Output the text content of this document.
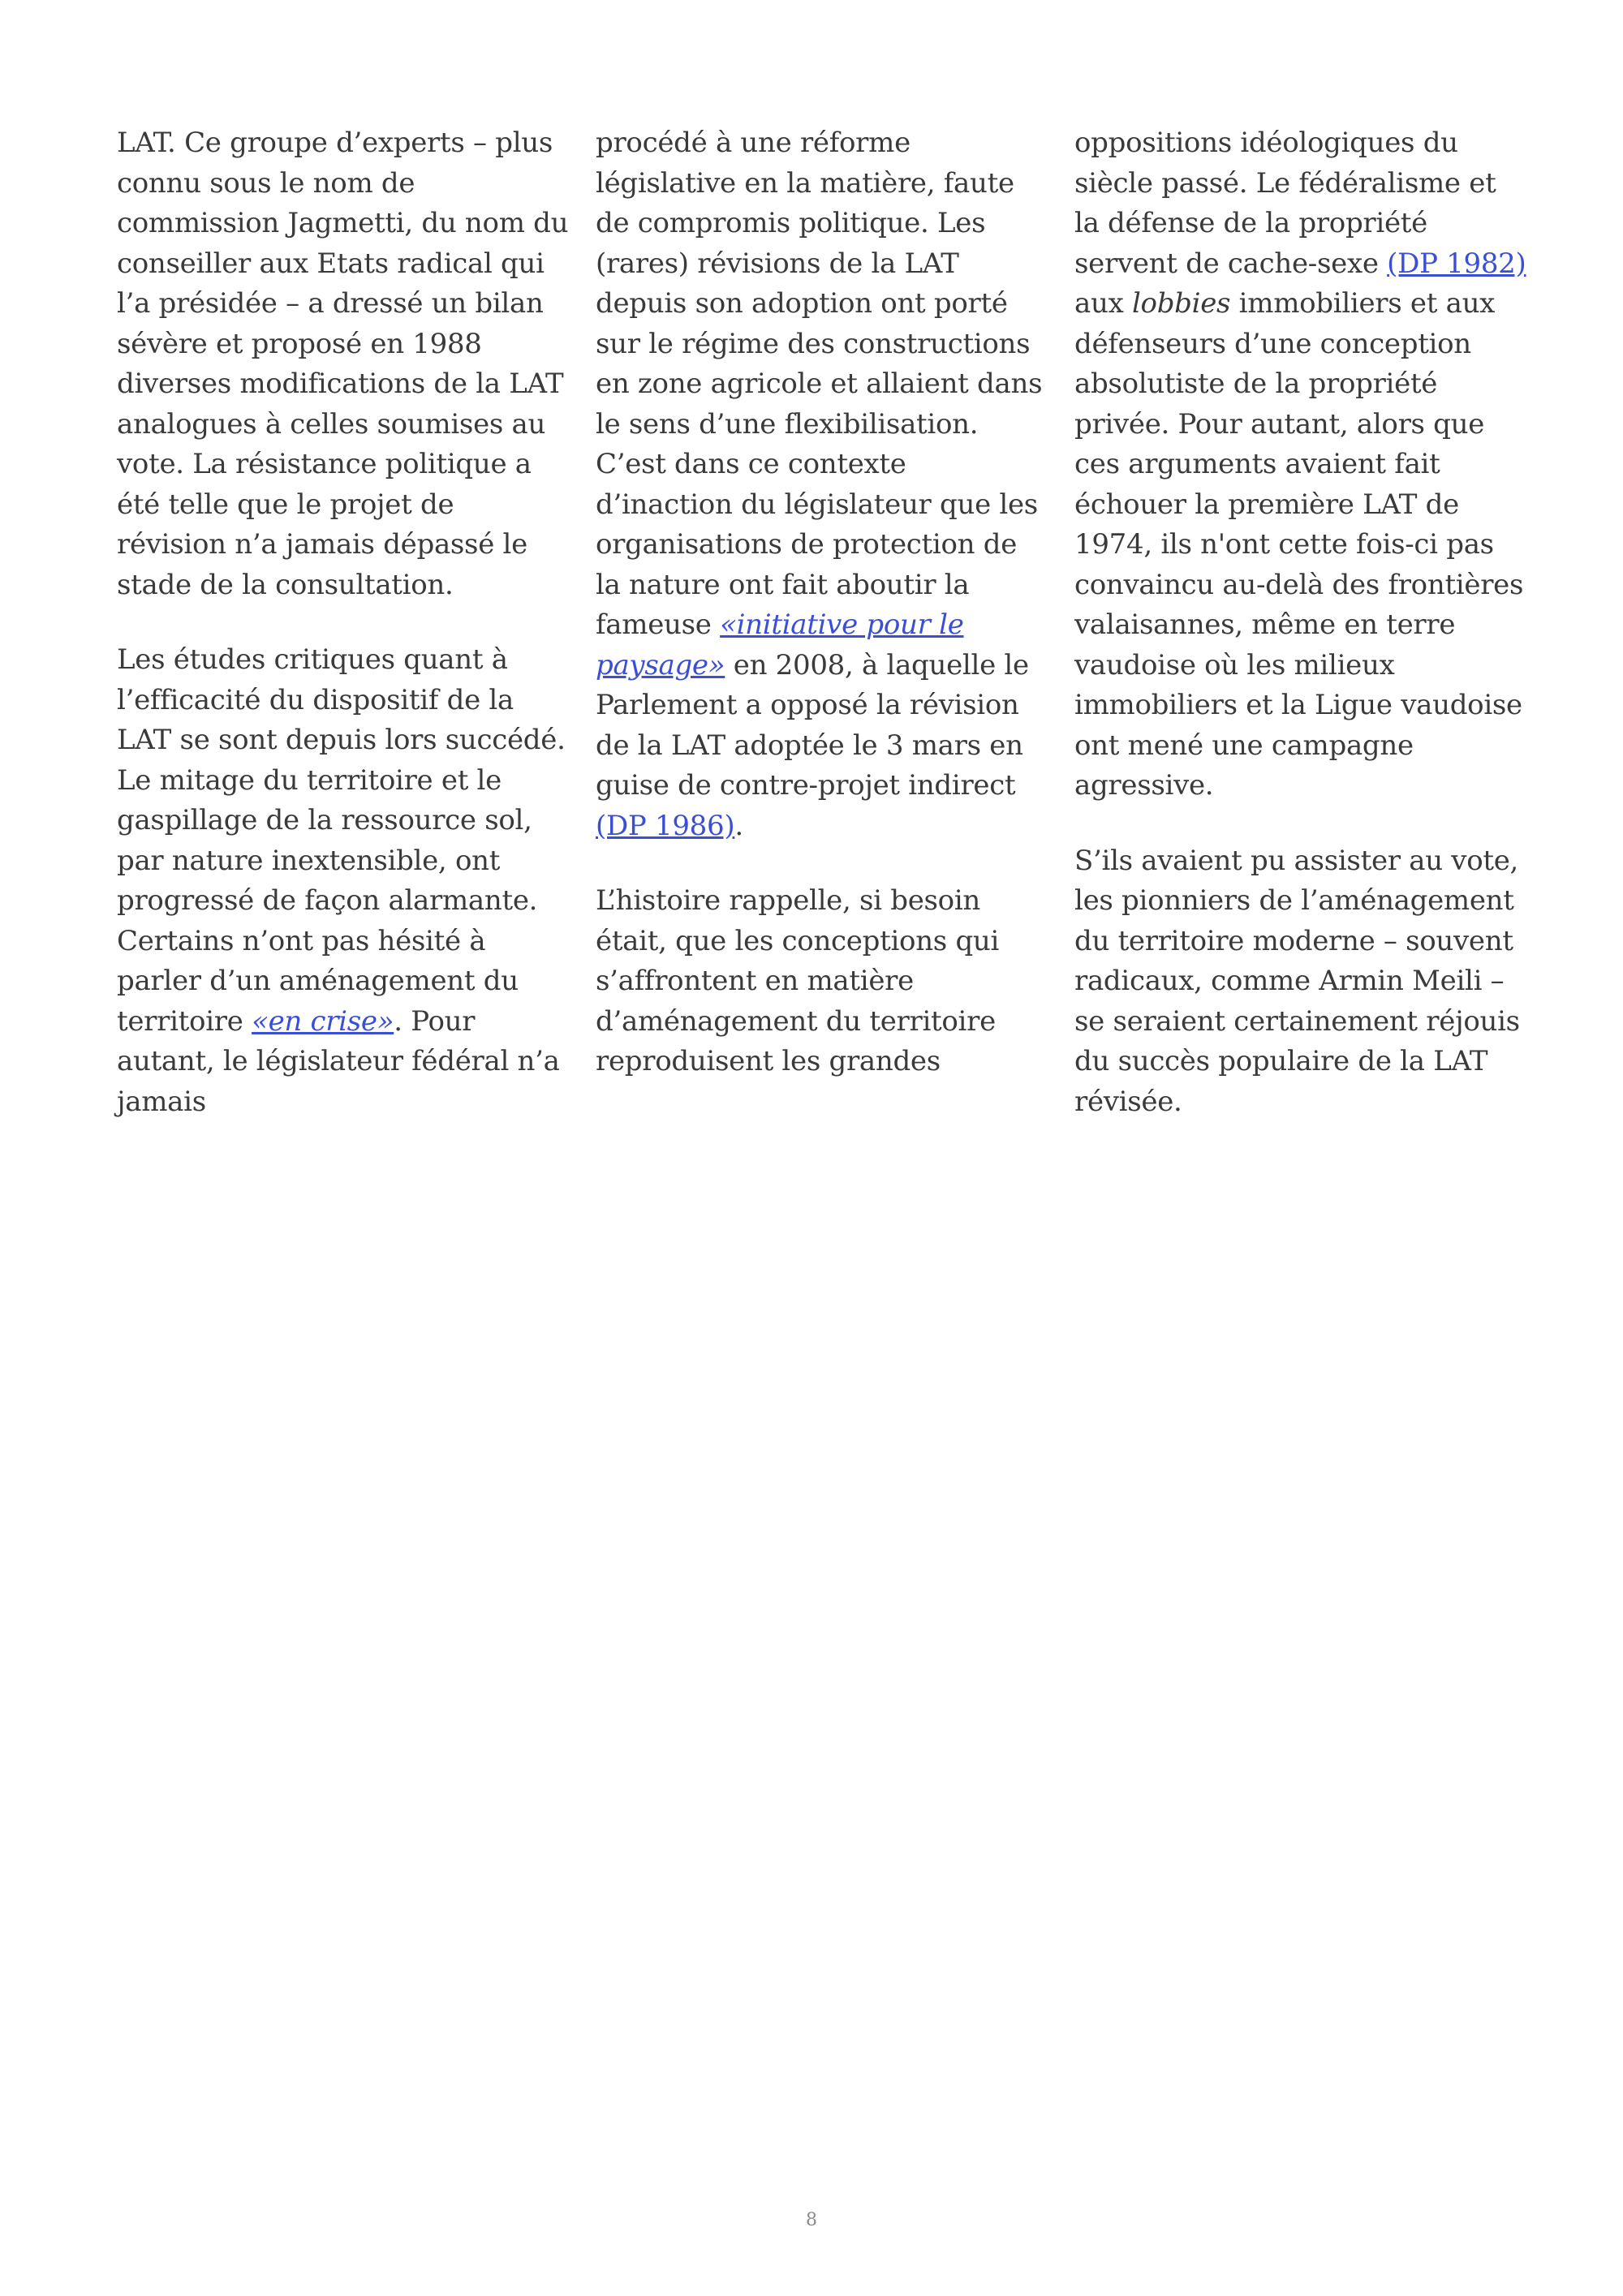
LAT. Ce groupe d’experts – plus connu sous le nom de commission Jagmetti, du nom du conseiller aux Etats radical qui l’a présidée – a dressé un bilan sévère et proposé en 1988 diverses modifications de la LAT analogues à celles soumises au vote. La résistance politique a été telle que le projet de révision n’a jamais dépassé le stade de la consultation.

Les études critiques quant à l’efficacité du dispositif de la LAT se sont depuis lors succédé. Le mitage du territoire et le gaspillage de la ressource sol, par nature inextensible, ont progressé de façon alarmante. Certains n’ont pas hésité à parler d’un aménagement du territoire «en crise». Pour autant, le législateur fédéral n’a jamais

procédé à une réforme législative en la matière, faute de compromis politique. Les (rares) révisions de la LAT depuis son adoption ont porté sur le régime des constructions en zone agricole et allaient dans le sens d’une flexibilisation. C’est dans ce contexte d’inaction du législateur que les organisations de protection de la nature ont fait aboutir la fameuse «initiative pour le paysage» en 2008, à laquelle le Parlement a opposé la révision de la LAT adoptée le 3 mars en guise de contre-projet indirect (DP 1986).

L’histoire rappelle, si besoin était, que les conceptions qui s’affrontent en matière d’aménagement du territoire reproduisent les grandes

oppositions idéologiques du siècle passé. Le fédéralisme et la défense de la propriété servent de cache-sexe (DP 1982) aux lobbies immobiliers et aux défenseurs d’une conception absolutiste de la propriété privée. Pour autant, alors que ces arguments avaient fait échouer la première LAT de 1974, ils n'ont cette fois-ci pas convaincu au-delà des frontières valaisannes, même en terre vaudoise où les milieux immobiliers et la Ligue vaudoise ont mené une campagne agressive.

S’ils avaient pu assister au vote, les pionniers de l’aménagement du territoire moderne – souvent radicaux, comme Armin Meili – se seraient certainement réjouis du succès populaire de la LAT révisée.

8
